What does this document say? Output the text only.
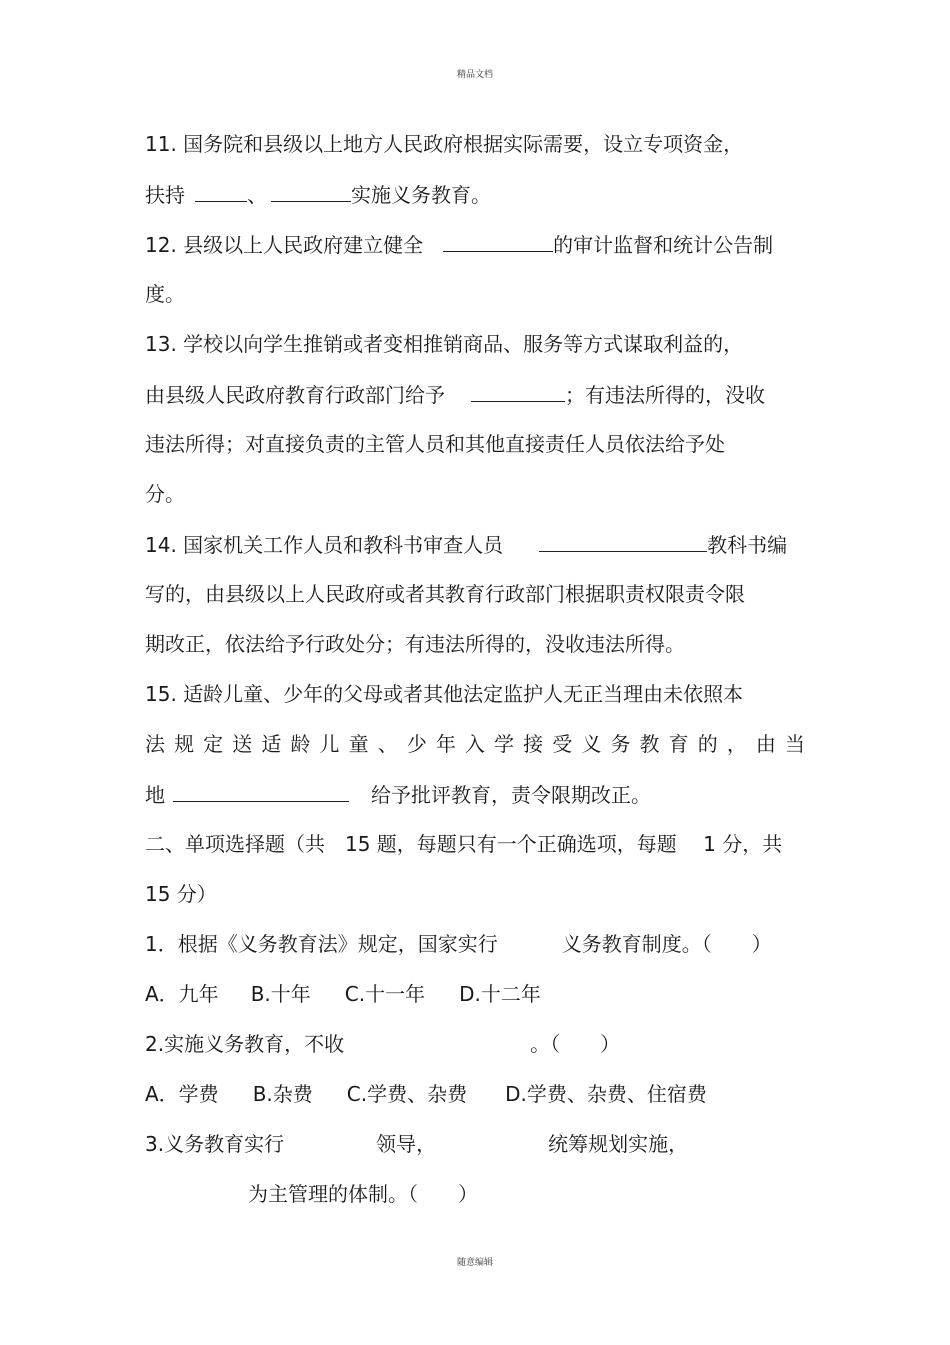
精品文档
11. 国务院和县级以上地方人民政府根据实际需要，设立专项资金，
扶持	、	实施义务教育。
12. 县级以上人民政府建立健全	的审计监督和统计公告制
度。
13. 学校以向学生推销或者变相推销商品、服务等方式谋取利益的，
由县级人民政府教育行政部门给予	；有违法所得的，没收
违法所得；对直接负责的主管人员和其他直接责任人员依法给予处
分。
14. 国家机关工作人员和教科书审查人员	教科书编
写的，由县级以上人民政府或者其教育行政部门根据职责权限责令限
期改正，依法给予行政处分；有违法所得的，没收违法所得。
15. 适龄儿童、少年的父母或者其他法定监护人无正当理由未依照本
法规定送适龄儿童、少年入学接受义务教育的，由当
地	给予批评教育，责令限期改正。
二、单项选择题（共　15 题，每题只有一个正确选项，每题　 1 分，共
15 分）
1．根据《义务教育法》规定，国家实行	义务教育制度。（　　）
A．九年 B.十年 C.十一年 D.十二年
2.实施义务教育，不收	。（　　）
A．学费 B.杂费 C.学费、杂费 D.学费、杂费、住宿费
3.义务教育实行	领导，	统筹规划实施，
为主管理的体制。（　　）
随意编辑
